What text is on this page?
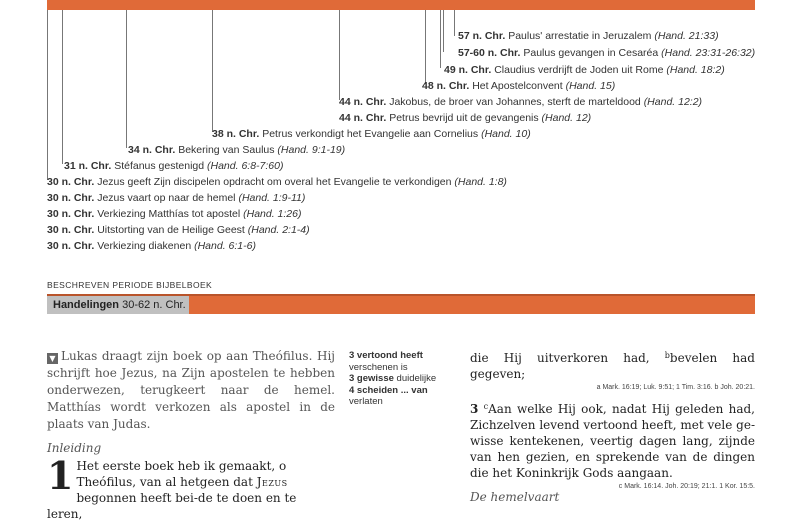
57 n. Chr. Paulus' arrestatie in Jeruzalem (Hand. 21:33)
57-60 n. Chr. Paulus gevangen in Cesaréa (Hand. 23:31-26:32)
49 n. Chr. Claudius verdrijft de Joden uit Rome (Hand. 18:2)
48 n. Chr. Het Apostelconvent (Hand. 15)
44 n. Chr. Jakobus, de broer van Johannes, sterft de marteldood (Hand. 12:2)
44 n. Chr. Petrus bevrijd uit de gevangenis (Hand. 12)
38 n. Chr. Petrus verkondigt het Evangelie aan Cornelius (Hand. 10)
34 n. Chr. Bekering van Saulus (Hand. 9:1-19)
31 n. Chr. Stéfanus gestenigd (Hand. 6:8-7:60)
30 n. Chr. Jezus geeft Zijn discipelen opdracht om overal het Evangelie te verkondigen (Hand. 1:8)
30 n. Chr. Jezus vaart op naar de hemel (Hand. 1:9-11)
30 n. Chr. Verkiezing Matthías tot apostel (Hand. 1:26)
30 n. Chr. Uitstorting van de Heilige Geest (Hand. 2:1-4)
30 n. Chr. Verkiezing diakenen (Hand. 6:1-6)
BESCHREVEN PERIODE BIJBELBOEK
Handelingen 30-62 n. Chr.
▼ Lukas draagt zijn boek op aan Theófilus. Hij schrijft hoe Jezus, na Zijn apostelen te hebben onderwezen, terugkeert naar de hemel. Matthías wordt verkozen als apostel in de plaats van Judas.
Inleiding
1 Het eerste boek heb ik gemaakt, o Theófilus, van al hetgeen dat Jezus begonnen heeft bei-de te doen en te leren,
3 vertoond heeft
verschenen is
3 gewisse duidelijke
4 scheiden ... van
verlaten
die Hij uitverkoren had, $^b$bevelen had gegeven;
a Mark. 16:19; Luk. 9:51; 1 Tim. 3:16. b Joh. 20:21.
3 $^c$Aan welke Hij ook, nadat Hij geleden had, Zichzelven levend vertoond heeft, met vele ge-wisse kentekenen, veertig dagen lang, zijnde van hen gezien, en sprekende van de dingen die het Koninkrijk Gods aangaan.
c Mark. 16:14. Joh. 20:19; 21:1. 1 Kor. 15:5.
De hemelvaart
